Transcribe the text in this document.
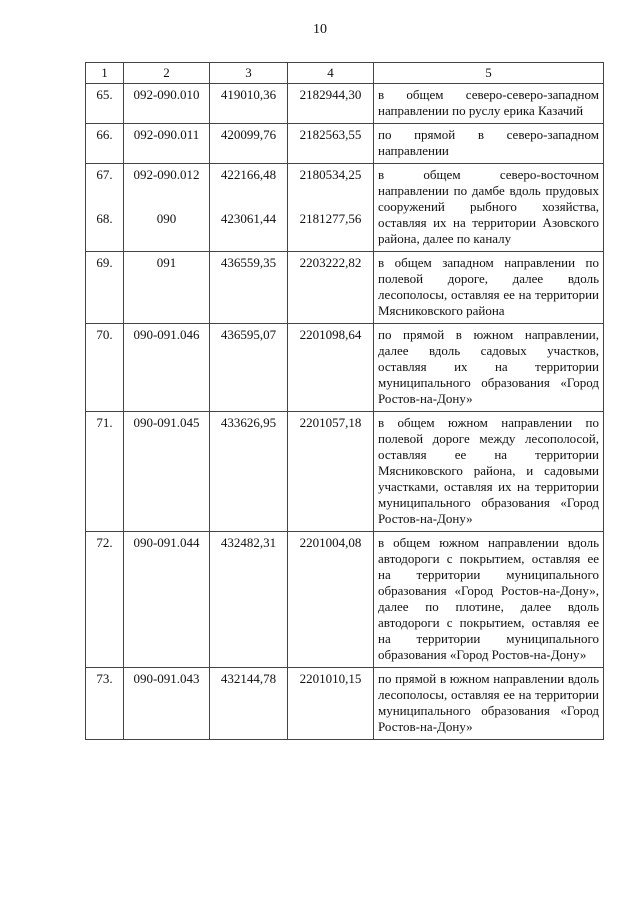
10
1	2	3	4	5
65.	092-090.010	419010,36	2182944,30	в общем северо-северо-западном направлении по руслу ерика Казачий
66.	092-090.011	420099,76	2182563,55	по прямой в северо-западном направлении
67.	092-090.012	422166,48	2180534,25	в общем северо-восточном направлении по дамбе вдоль прудовых сооружений рыбного хозяйства, оставляя их на территории Азовского района, далее по каналу
68.	090	423061,44	2181277,56	
69.	091	436559,35	2203222,82	в общем западном направлении по полевой дороге, далее вдоль лесополосы, оставляя ее на территории Мясниковского района
70.	090-091.046	436595,07	2201098,64	по прямой в южном направлении, далее вдоль садовых участков, оставляя их на территории муниципального образования «Город Ростов-на-Дону»
71.	090-091.045	433626,95	2201057,18	в общем южном направлении по полевой дороге между лесополосой, оставляя ее на территории Мясниковского района, и садовыми участками, оставляя их на территории муниципального образования «Город Ростов-на-Дону»
72.	090-091.044	432482,31	2201004,08	в общем южном направлении вдоль автодороги с покрытием, оставляя ее на территории муниципального образования «Город Ростов-на-Дону», далее по плотине, далее вдоль автодороги с покрытием, оставляя ее на территории муниципального образования «Город Ростов-на-Дону»
73.	090-091.043	432144,78	2201010,15	по прямой в южном направлении вдоль лесополосы, оставляя ее на территории муниципального образования «Город Ростов-на-Дону»
